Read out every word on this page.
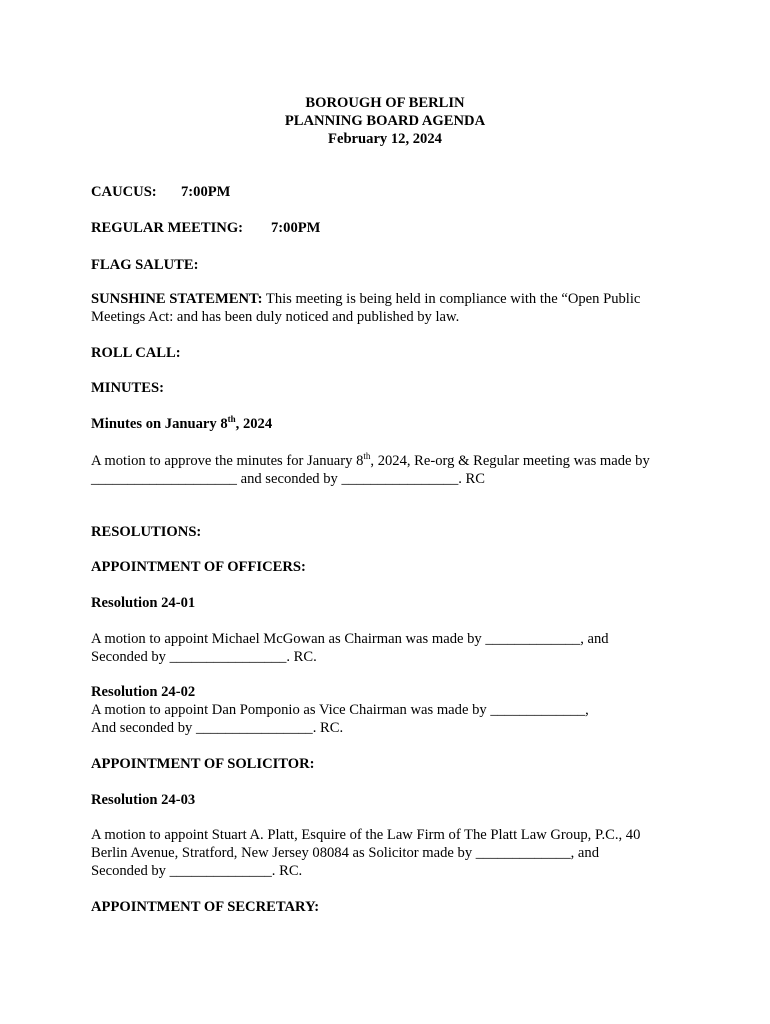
BOROUGH OF BERLIN
PLANNING BOARD AGENDA
February 12, 2024
CAUCUS: 7:00PM
REGULAR MEETING: 7:00PM
FLAG SALUTE:
SUNSHINE STATEMENT: This meeting is being held in compliance with the “Open Public
Meetings Act: and has been duly noticed and published by law.
ROLL CALL:
MINUTES:
Minutes on January 8th, 2024
A motion to approve the minutes for January 8th, 2024, Re-org & Regular meeting was made by
____________________ and seconded by ________________. RC
RESOLUTIONS:
APPOINTMENT OF OFFICERS:
Resolution 24-01
A motion to appoint Michael McGowan as Chairman was made by _____________, and
Seconded by ________________. RC.
Resolution 24-02
A motion to appoint Dan Pomponio as Vice Chairman was made by _____________,
And seconded by ________________. RC.
APPOINTMENT OF SOLICITOR:
Resolution 24-03
A motion to appoint Stuart A. Platt, Esquire of the Law Firm of The Platt Law Group, P.C., 40
Berlin Avenue, Stratford, New Jersey 08084 as Solicitor made by _____________, and
Seconded by ______________. RC.
APPOINTMENT OF SECRETARY:
